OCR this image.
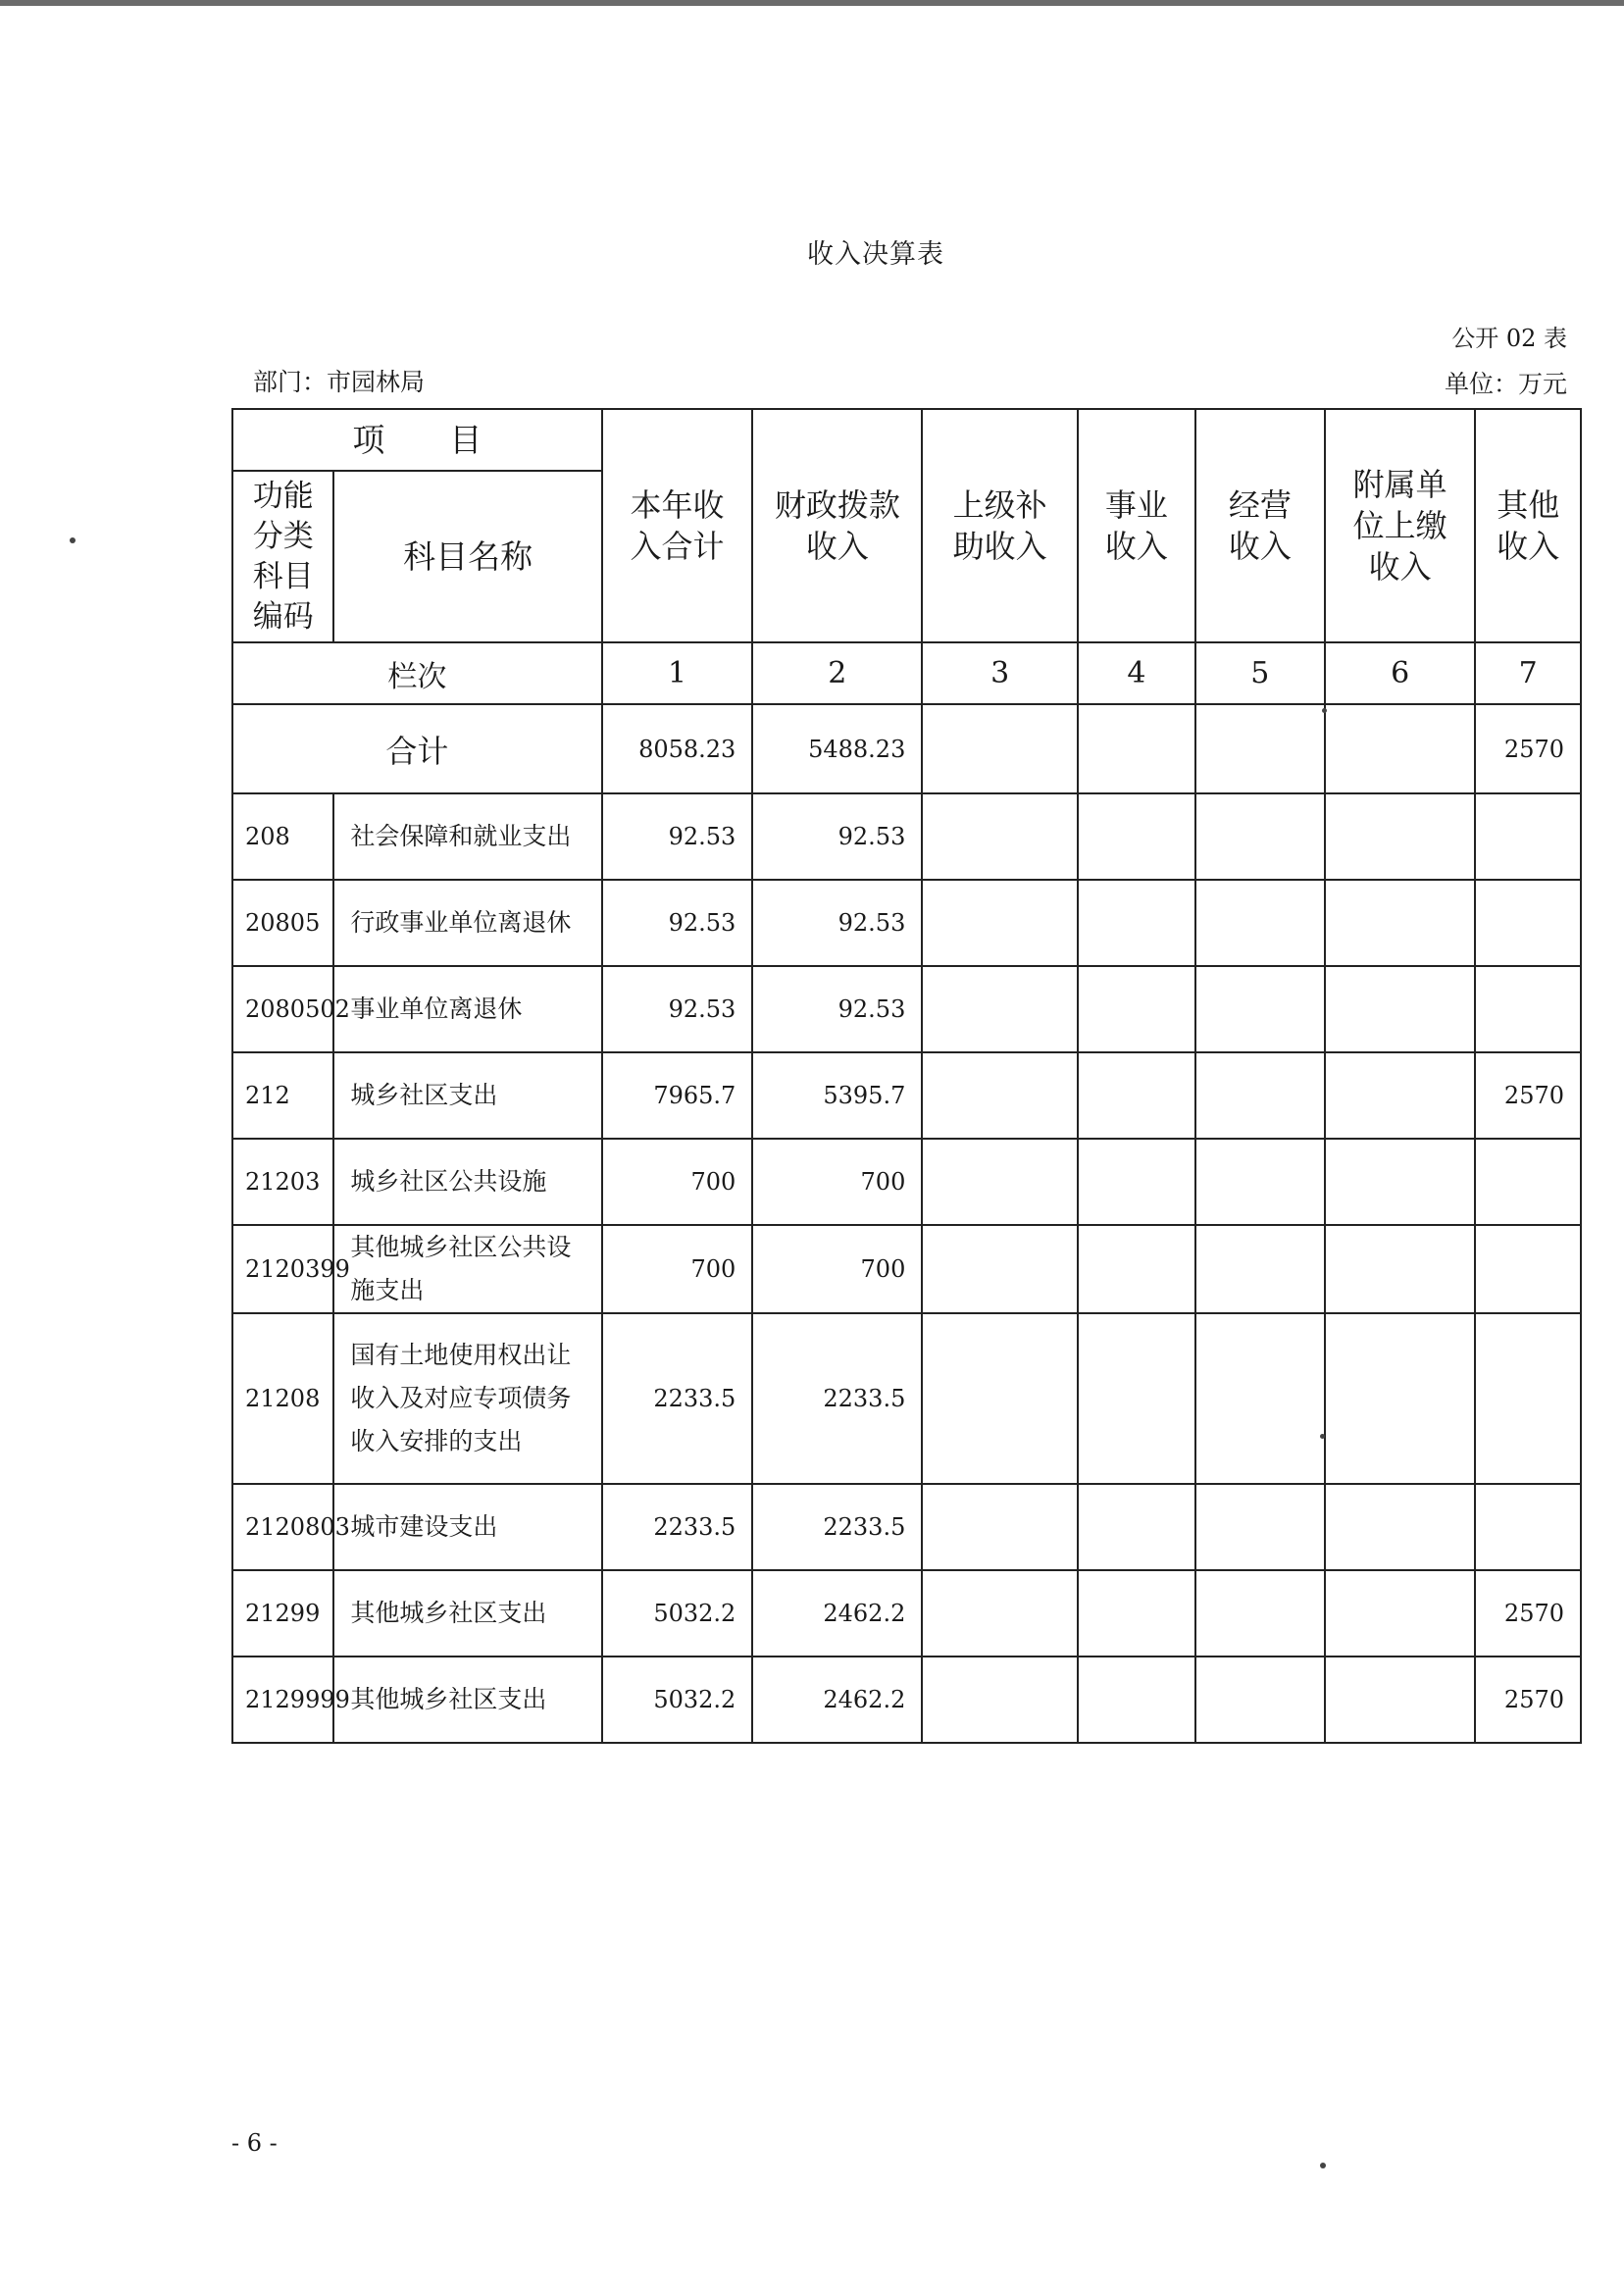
收入决算表
公开 02 表
部门：市园林局	单位：万元
项　　目		本年收入合计	财政拨款收入	上级补助收入	事业收入	经营收入	附属单位上缴收入	其他收入
功能分类科目编码	科目名称							
栏次		1	2	3	4	5	6	7
合计		8058.23	5488.23					2570
208	社会保障和就业支出	92.53	92.53					
20805	行政事业单位离退休	92.53	92.53					
2080502	事业单位离退休	92.53	92.53					
212	城乡社区支出	7965.7	5395.7					2570
21203	城乡社区公共设施	700	700					
2120399	其他城乡社区公共设施支出	700	700					
21208	国有土地使用权出让收入及对应专项债务收入安排的支出	2233.5	2233.5					
2120803	城市建设支出	2233.5	2233.5					
21299	其他城乡社区支出	5032.2	2462.2					2570
2129999	其他城乡社区支出	5032.2	2462.2					2570
- 6 -
